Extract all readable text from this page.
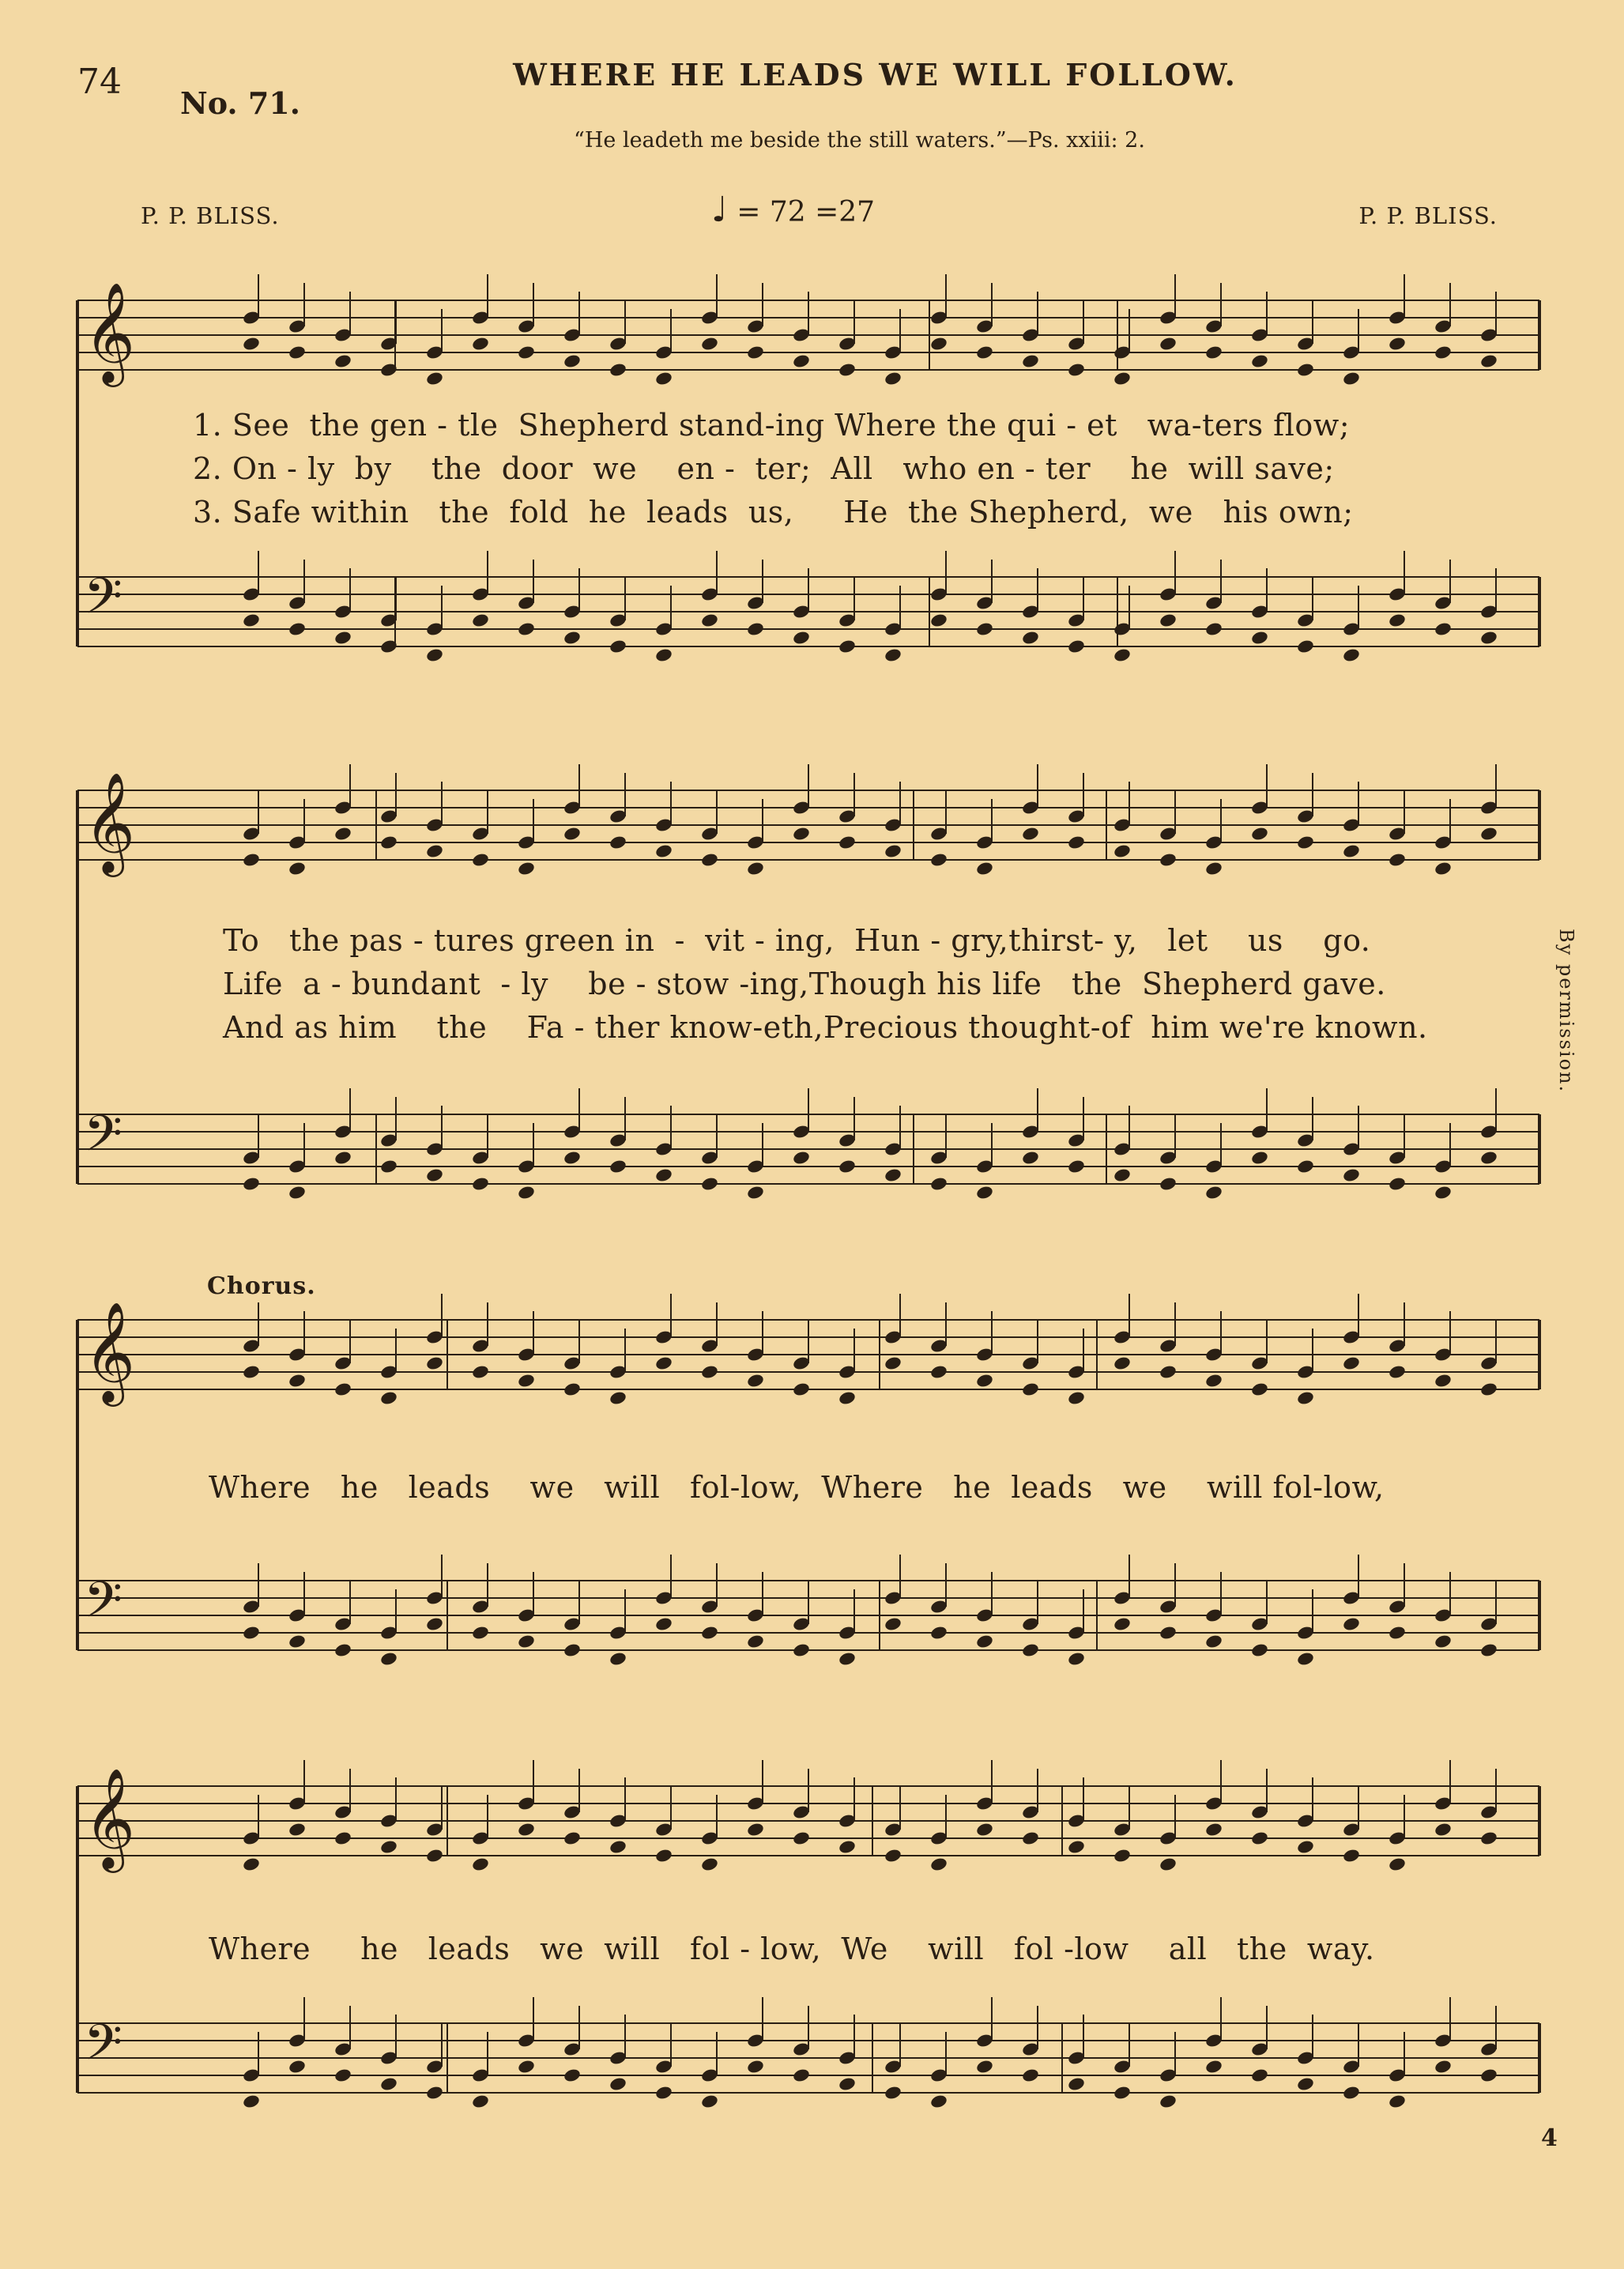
74
No. 71.
WHERE HE LEADS WE WILL FOLLOW.
“He leadeth me beside the still waters.”—Ps. xxiii: 2.
P. P. BLISS.	♩ = 72 =27	P. P. BLISS.
𝄞
𝄢
𝄞
𝄢
𝄞
𝄢
𝄞
𝄢
1. See  the gen - tle  Shepherd stand-ing Where the qui - et   wa-ters flow;
2. On - ly  by    the  door  we    en -  ter;  All   who en - ter    he  will save;
3. Safe within   the  fold  he  leads  us,     He  the Shepherd,  we   his own;
To   the pas - tures green in  -  vit - ing,  Hun - gry,thirst- y,   let    us    go.
Life  a - bundant  - ly    be - stow -ing,Though his life   the  Shepherd gave.
And as him    the    Fa - ther know-eth,Precious thought-of  him we're known.
Chorus.
Where   he   leads    we   will   fol-low,  Where   he  leads   we    will fol-low,
Where     he   leads   we  will   fol - low,  We    will   fol -low    all   the  way.
By permission.
4
